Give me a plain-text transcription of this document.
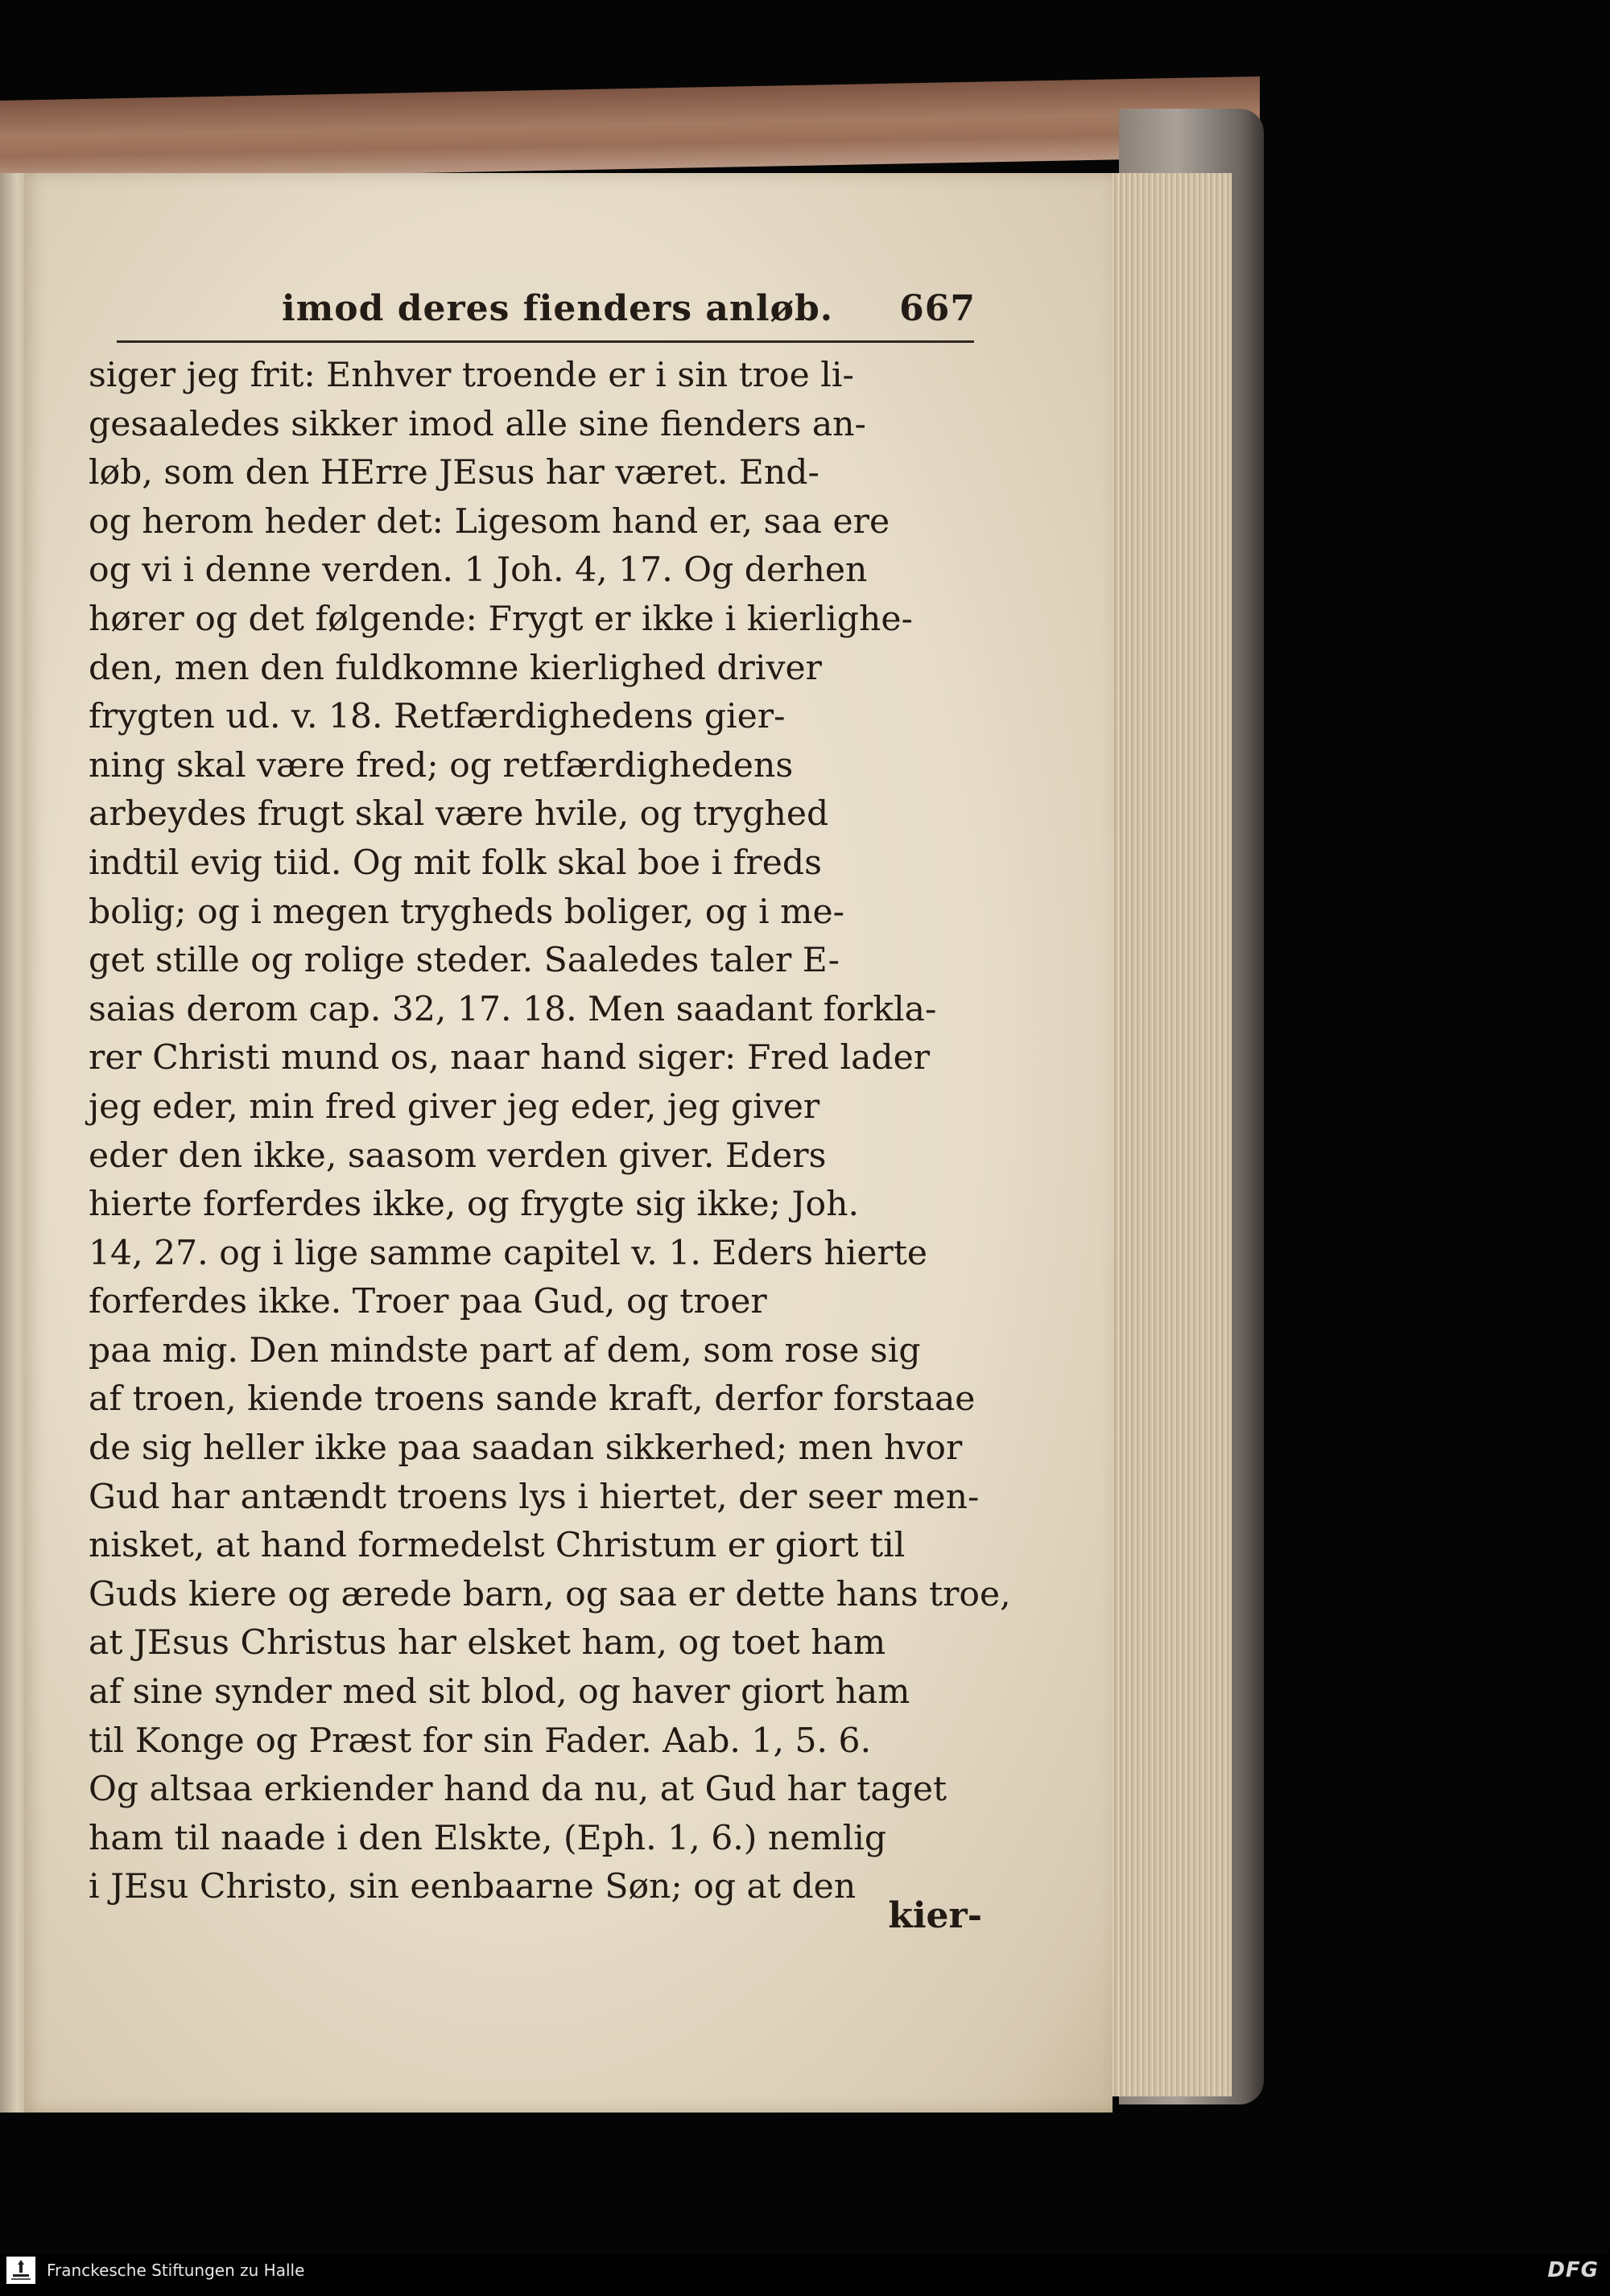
imod deres fienders anløb. 667
siger jeg frit: Enhver troende er i sin troe li-
gesaaledes sikker imod alle sine fienders an-
løb, som den HErre JEsus har været. End-
og herom heder det: Ligesom hand er, saa ere
og vi i denne verden. 1 Joh. 4, 17. Og derhen
hører og det følgende: Frygt er ikke i kierlighe-
den, men den fuldkomne kierlighed driver
frygten ud. v. 18. Retfærdighedens gier-
ning skal være fred; og retfærdighedens
arbeydes frugt skal være hvile, og tryghed
indtil evig tiid. Og mit folk skal boe i freds
bolig; og i megen trygheds boliger, og i me-
get stille og rolige steder. Saaledes taler E-
saias derom cap. 32, 17. 18. Men saadant forkla-
rer Christi mund os, naar hand siger: Fred lader
jeg eder, min fred giver jeg eder, jeg giver
eder den ikke, saasom verden giver. Eders
hierte forferdes ikke, og frygte sig ikke; Joh.
14, 27. og i lige samme capitel v. 1. Eders hierte
forferdes ikke. Troer paa Gud, og troer
paa mig. Den mindste part af dem, som rose sig
af troen, kiende troens sande kraft, derfor forstaae
de sig heller ikke paa saadan sikkerhed; men hvor
Gud har antændt troens lys i hiertet, der seer men-
nisket, at hand formedelst Christum er giort til
Guds kiere og ærede barn, og saa er dette hans troe,
at JEsus Christus har elsket ham, og toet ham
af sine synder med sit blod, og haver giort ham
til Konge og Præst for sin Fader. Aab. 1, 5. 6.
Og altsaa erkiender hand da nu, at Gud har taget
ham til naade i den Elskte, (Eph. 1, 6.) nemlig
i JEsu Christo, sin eenbaarne Søn; og at den
kier-
Franckesche Stiftungen zu Halle	DFG
